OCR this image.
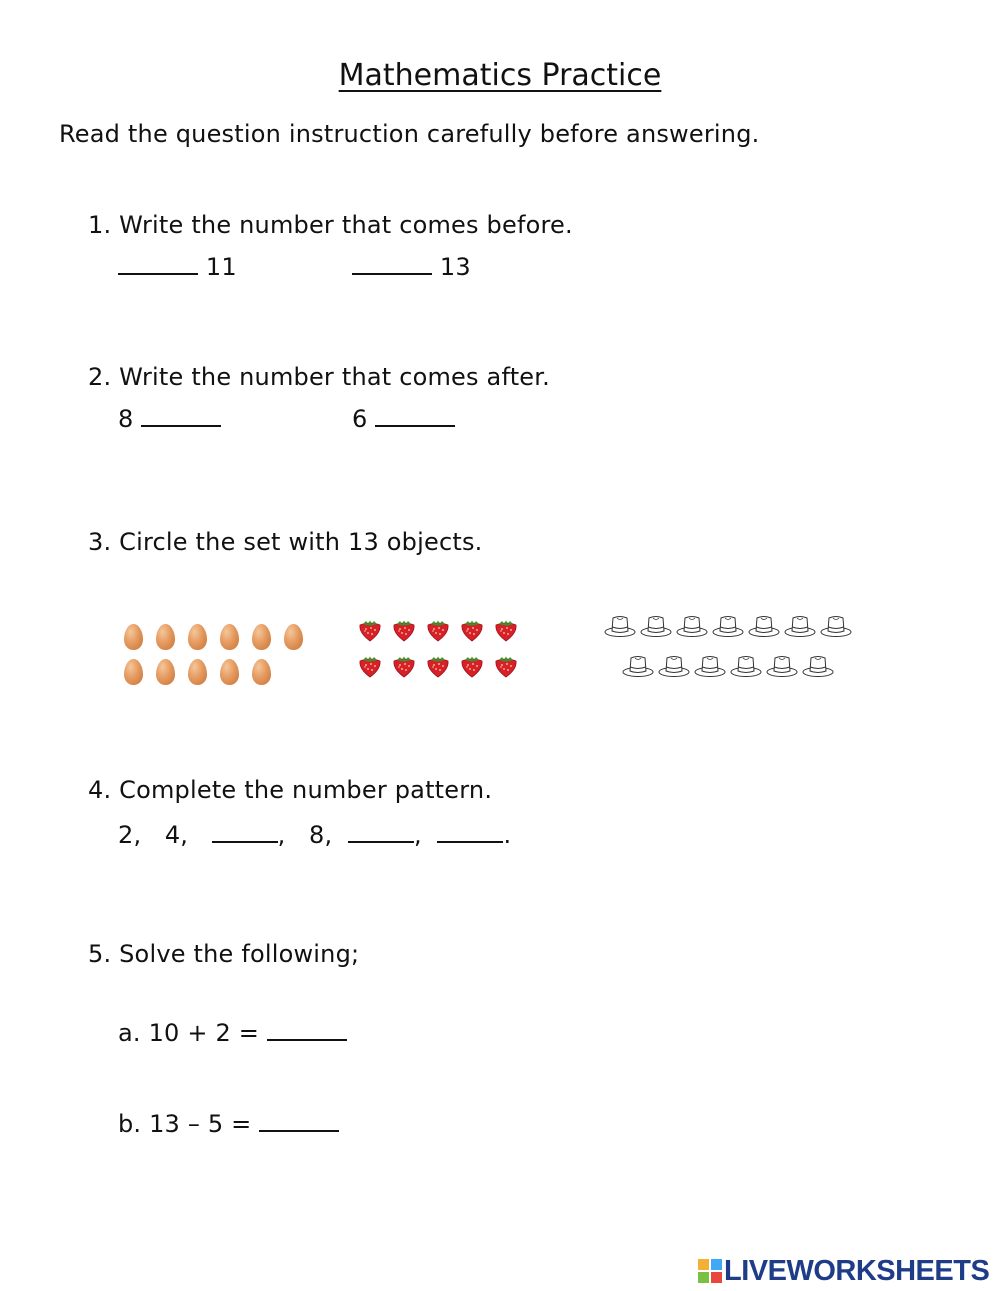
Mathematics Practice
Read the question instruction carefully before answering.
1. Write the number that comes before.
11	13
2. Write the number that comes after.
8	6
3. Circle the set with 13 objects.
4. Complete the number pattern.
2, 4,	, 8,	,	.
5. Solve the following;
a. 10 + 2 =
b. 13 – 5 =
LIVEWORKSHEETS
